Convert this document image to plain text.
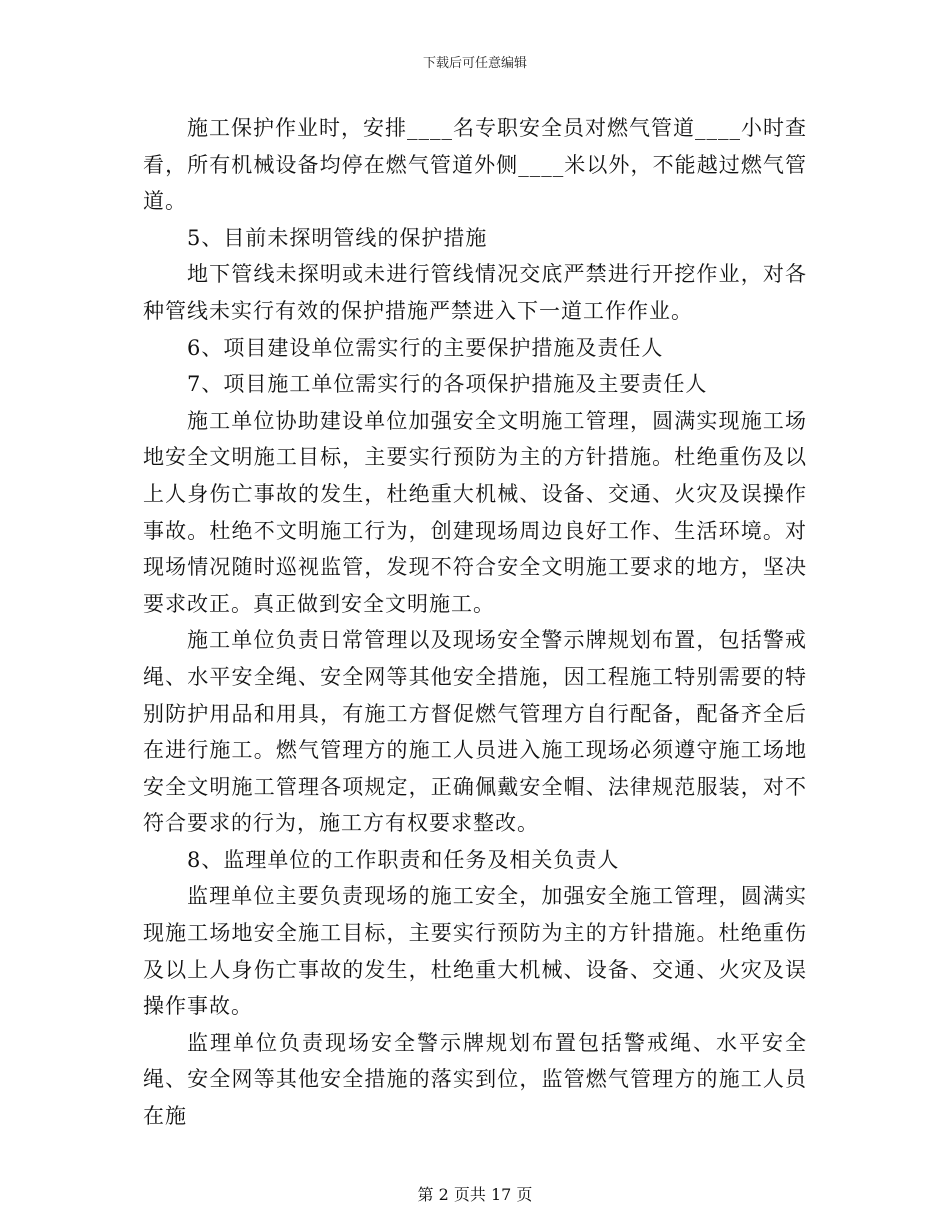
下载后可任意编辑

施工保护作业时，安排____名专职安全员对燃气管道____小时查看，所有机械设备均停在燃气管道外侧____米以外，不能越过燃气管道。

5、目前未探明管线的保护措施

地下管线未探明或未进行管线情况交底严禁进行开挖作业，对各种管线未实行有效的保护措施严禁进入下一道工作作业。

6、项目建设单位需实行的主要保护措施及责任人

7、项目施工单位需实行的各项保护措施及主要责任人

施工单位协助建设单位加强安全文明施工管理，圆满实现施工场地安全文明施工目标，主要实行预防为主的方针措施。杜绝重伤及以上人身伤亡事故的发生，杜绝重大机械、设备、交通、火灾及误操作事故。杜绝不文明施工行为，创建现场周边良好工作、生活环境。对现场情况随时巡视监管，发现不符合安全文明施工要求的地方，坚决要求改正。真正做到安全文明施工。

施工单位负责日常管理以及现场安全警示牌规划布置，包括警戒绳、水平安全绳、安全网等其他安全措施，因工程施工特别需要的特别防护用品和用具，有施工方督促燃气管理方自行配备，配备齐全后在进行施工。燃气管理方的施工人员进入施工现场必须遵守施工场地安全文明施工管理各项规定，正确佩戴安全帽、法律规范服装，对不符合要求的行为，施工方有权要求整改。

8、监理单位的工作职责和任务及相关负责人

监理单位主要负责现场的施工安全，加强安全施工管理，圆满实现施工场地安全施工目标，主要实行预防为主的方针措施。杜绝重伤及以上人身伤亡事故的发生，杜绝重大机械、设备、交通、火灾及误操作事故。

监理单位负责现场安全警示牌规划布置包括警戒绳、水平安全绳、安全网等其他安全措施的落实到位，监管燃气管理方的施工人员在施

第 2 页共 17 页
